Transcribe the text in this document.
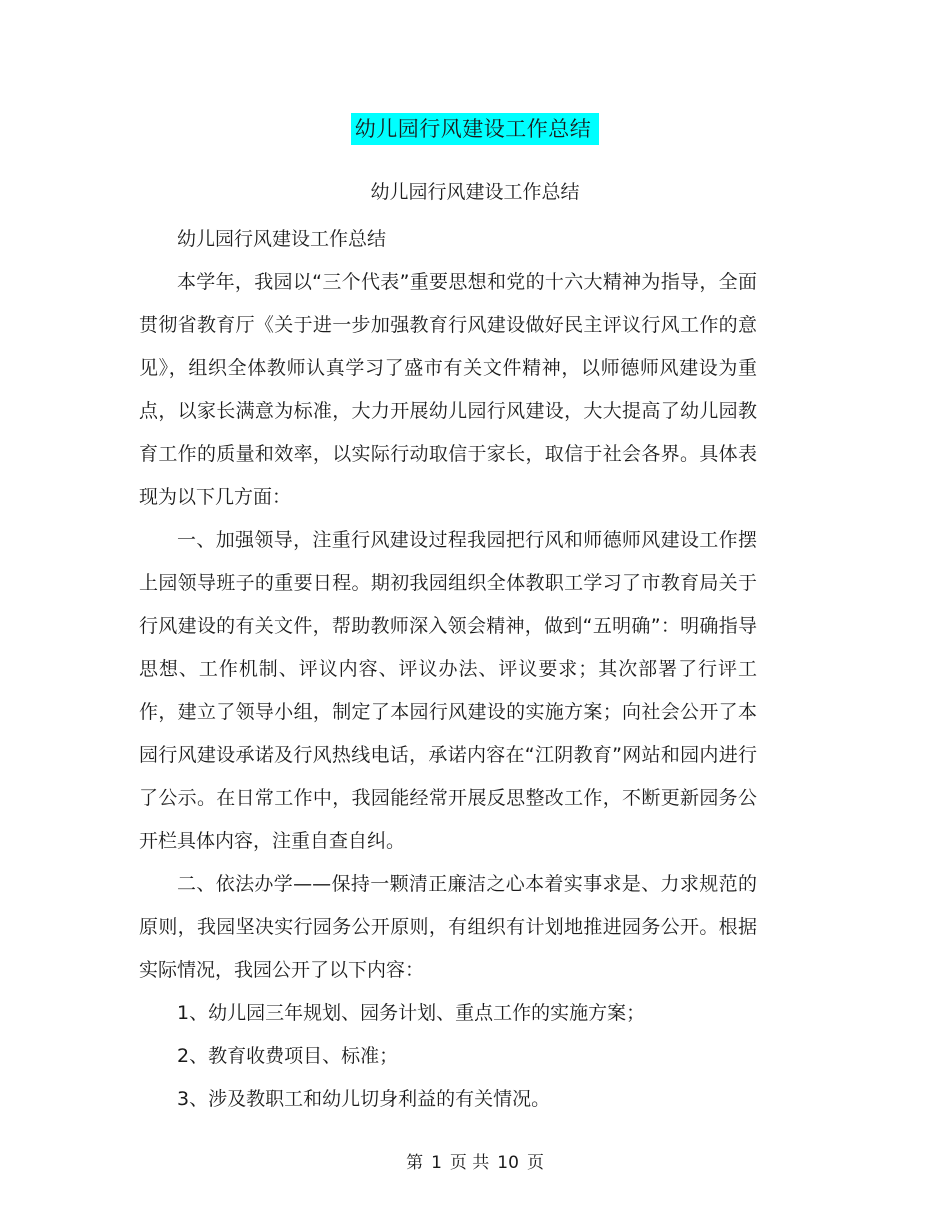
幼儿园行风建设工作总结
幼儿园行风建设工作总结

幼儿园行风建设工作总结

本学年，我园以“三个代表”重要思想和党的十六大精神为指导，全面贯彻省教育厅《关于进一步加强教育行风建设做好民主评议行风工作的意见》，组织全体教师认真学习了盛市有关文件精神，以师德师风建设为重点，以家长满意为标准，大力开展幼儿园行风建设，大大提高了幼儿园教育工作的质量和效率，以实际行动取信于家长，取信于社会各界。具体表现为以下几方面：

一、加强领导，注重行风建设过程我园把行风和师德师风建设工作摆上园领导班子的重要日程。期初我园组织全体教职工学习了市教育局关于行风建设的有关文件，帮助教师深入领会精神，做到“五明确”：明确指导思想、工作机制、评议内容、评议办法、评议要求；其次部署了行评工作，建立了领导小组，制定了本园行风建设的实施方案；向社会公开了本园行风建设承诺及行风热线电话，承诺内容在“江阴教育”网站和园内进行了公示。在日常工作中，我园能经常开展反思整改工作，不断更新园务公开栏具体内容，注重自查自纠。

二、依法办学——保持一颗清正廉洁之心本着实事求是、力求规范的原则，我园坚决实行园务公开原则，有组织有计划地推进园务公开。根据实际情况，我园公开了以下内容：

1、幼儿园三年规划、园务计划、重点工作的实施方案；

2、教育收费项目、标准；

3、涉及教职工和幼儿切身利益的有关情况。

第 1 页 共 10 页
